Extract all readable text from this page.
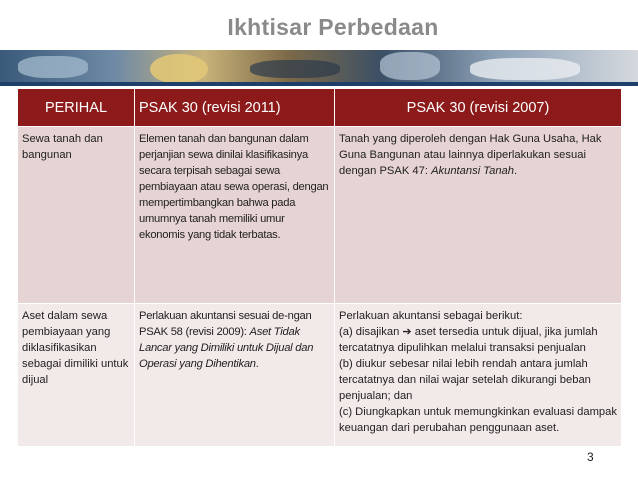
Ikhtisar Perbedaan
PERIHAL	PSAK 30 (revisi 2011)	PSAK 30 (revisi 2007)
Sewa tanah dan bangunan	Elemen tanah dan bangunan dalam perjanjian sewa dinilai klasifikasinya secara terpisah sebagai sewa pembiayaan atau sewa operasi, dengan mempertimbangkan bahwa pada umumnya tanah memiliki umur ekonomis yang tidak terbatas.	Tanah yang diperoleh dengan Hak Guna Usaha, Hak Guna Bangunan atau lainnya diperlakukan sesuai dengan PSAK 47: Akuntansi Tanah.
Aset dalam sewa pembiayaan yang diklasifikasikan sebagai dimiliki untuk dijual	Perlakuan akuntansi sesuai de-ngan PSAK 58 (revisi 2009): Aset Tidak Lancar yang Dimiliki untuk Dijual dan Operasi yang Dihentikan.	Perlakuan akuntansi sebagai berikut:
(a) disajikan ➔ aset tersedia untuk dijual, jika jumlah tercatatnya dipulihkan melalui transaksi penjualan
(b) diukur sebesar nilai lebih rendah antara jumlah tercatatnya dan nilai wajar setelah dikurangi beban penjualan; dan
(c) Diungkapkan untuk memungkinkan evaluasi dampak keuangan dari perubahan penggunaan aset.
3
